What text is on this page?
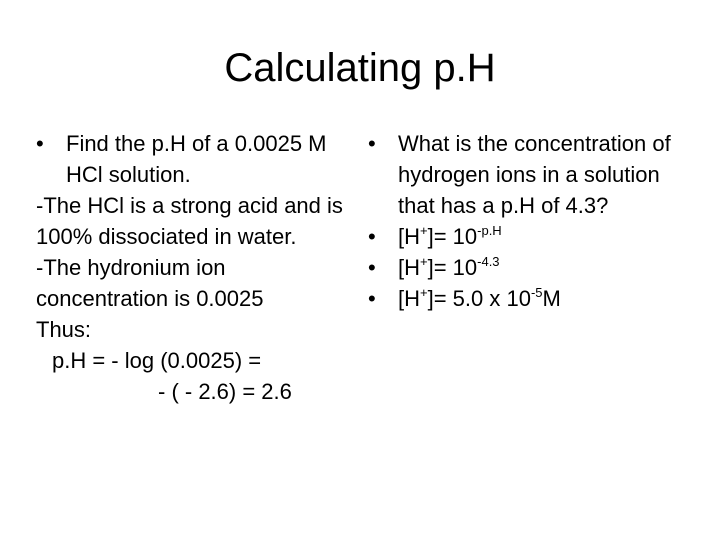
Calculating p.H

•	Find the p.H of a 0.0025 M HCl solution.

-The HCl is a strong acid and is 100% dissociated in water.

-The hydronium ion concentration is 0.0025

Thus:

p.H = - log (0.0025) =

- ( - 2.6) = 2.6

•	What is the concentration of hydrogen ions in a solution that has a p.H of 4.3?

•	$[H^+]= 10^{-p.H}$

•	$[H^+]= 10^{-4.3}$

•	[H+]= 5.0 x $10^{-5}M$
